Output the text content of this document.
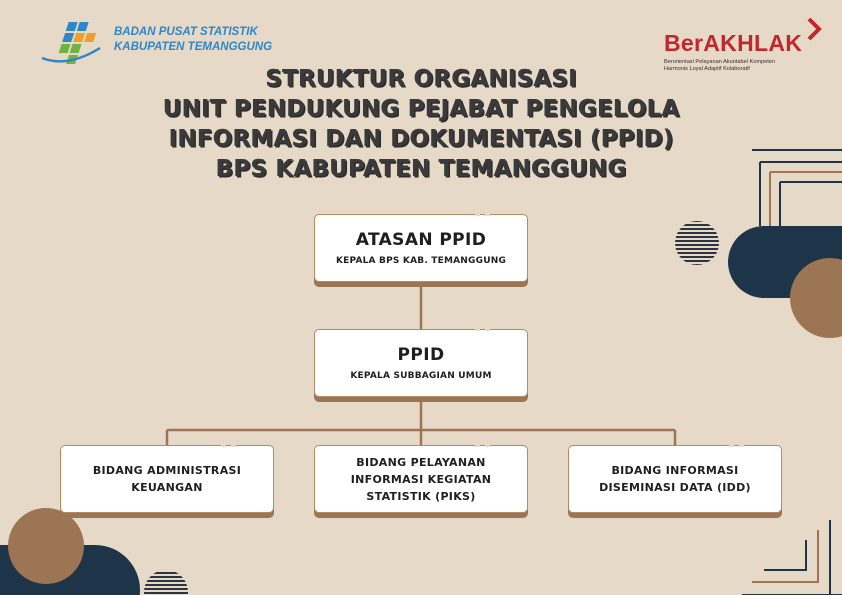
BADAN PUSAT STATISTIK
KABUPATEN TEMANGGUNG	BerAKHLAK
Berorientasi Pelayanan Akuntabel Kompeten
Harmonis Loyal Adaptif Kolaboratif
STRUKTUR ORGANISASI
UNIT PENDUKUNG PEJABAT PENGELOLA
INFORMASI DAN DOKUMENTASI (PPID)
BPS KABUPATEN TEMANGGUNG
ATASAN PPID
KEPALA BPS KAB. TEMANGGUNG
PPID
KEPALA SUBBAGIAN UMUM
BIDANG ADMINISTRASI
KEUANGAN
BIDANG PELAYANAN
INFORMASI KEGIATAN
STATISTIK (PIKS)
BIDANG INFORMASI
DISEMINASI DATA (IDD)
